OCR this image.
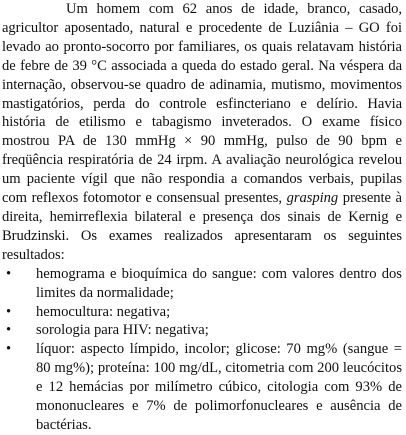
Um homem com 62 anos de idade, branco, casado, agricultor aposentado, natural e procedente de Luziânia – GO foi levado ao pronto-socorro por familiares, os quais relatavam história de febre de 39 °C associada a queda do estado geral. Na véspera da internação, observou-se quadro de adinamia, mutismo, movimentos mastigatórios, perda do controle esfincteriano e delírio. Havia história de etilismo e tabagismo inveterados. O exame físico mostrou PA de 130 mmHg × 90 mmHg, pulso de 90 bpm e freqüência respiratória de 24 irpm. A avaliação neurológica revelou um paciente vígil que não respondia a comandos verbais, pupilas com reflexos fotomotor e consensual presentes, grasping presente à direita, hemirreflexia bilateral e presença dos sinais de Kernig e Brudzinski. Os exames realizados apresentaram os seguintes resultados:

• hemograma e bioquímica do sangue: com valores dentro dos limites da normalidade;
• hemocultura: negativa;
• sorologia para HIV: negativa;
• líquor: aspecto límpido, incolor; glicose: 70 mg% (sangue = 80 mg%); proteína: 100 mg/dL, citometria com 200 leucócitos e 12 hemácias por milímetro cúbico, citologia com 93% de mononucleares e 7% de polimorfonucleares e ausência de bactérias.
